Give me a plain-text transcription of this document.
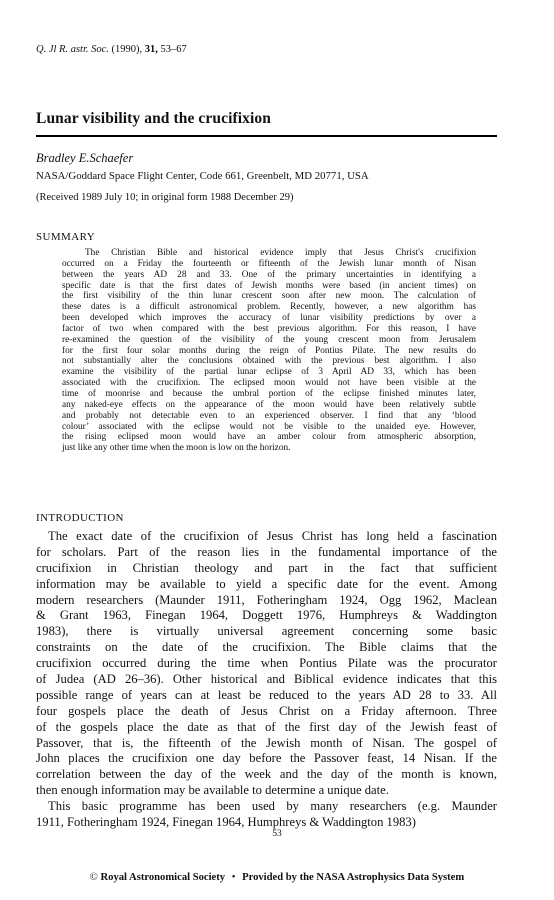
Q. Jl R. astr. Soc. (1990), 31, 53–67
Lunar visibility and the crucifixion
Bradley E.Schaefer
NASA/Goddard Space Flight Center, Code 661, Greenbelt, MD 20771, USA
(Received 1989 July 10; in original form 1988 December 29)
SUMMARY
The Christian Bible and historical evidence imply that Jesus Christ's crucifixion
occurred on a Friday the fourteenth or fifteenth of the Jewish lunar month of Nisan
between the years AD 28 and 33. One of the primary uncertainties in identifying a
specific date is that the first dates of Jewish months were based (in ancient times) on
the first visibility of the thin lunar crescent soon after new moon. The calculation of
these dates is a difficult astronomical problem. Recently, however, a new algorithm has
been developed which improves the accuracy of lunar visibility predictions by over a
factor of two when compared with the best previous algorithm. For this reason, I have
re-examined the question of the visibility of the young crescent moon from Jerusalem
for the first four solar months during the reign of Pontius Pilate. The new results do
not substantially alter the conclusions obtained with the previous best algorithm. I also
examine the visibility of the partial lunar eclipse of 3 April AD 33, which has been
associated with the crucifixion. The eclipsed moon would not have been visible at the
time of moonrise and because the umbral portion of the eclipse finished minutes later,
any naked-eye effects on the appearance of the moon would have been relatively subtle
and probably not detectable even to an experienced observer. I find that any ‘blood
colour’ associated with the eclipse would not be visible to the unaided eye. However,
the rising eclipsed moon would have an amber colour from atmospheric absorption,
just like any other time when the moon is low on the horizon.
INTRODUCTION
The exact date of the crucifixion of Jesus Christ has long held a fascination
for scholars. Part of the reason lies in the fundamental importance of the
crucifixion in Christian theology and part in the fact that sufficient
information may be available to yield a specific date for the event. Among
modern researchers (Maunder 1911, Fotheringham 1924, Ogg 1962, Maclean
& Grant 1963, Finegan 1964, Doggett 1976, Humphreys & Waddington
1983), there is virtually universal agreement concerning some basic
constraints on the date of the crucifixion. The Bible claims that the
crucifixion occurred during the time when Pontius Pilate was the procurator
of Judea (AD 26–36). Other historical and Biblical evidence indicates that this
possible range of years can at least be reduced to the years AD 28 to 33. All
four gospels place the death of Jesus Christ on a Friday afternoon. Three
of the gospels place the date as that of the first day of the Jewish feast of
Passover, that is, the fifteenth of the Jewish month of Nisan. The gospel of
John places the crucifixion one day before the Passover feast, 14 Nisan. If the
correlation between the day of the week and the day of the month is known,
then enough information may be available to determine a unique date.
This basic programme has been used by many researchers (e.g. Maunder
1911, Fotheringham 1924, Finegan 1964, Humphreys & Waddington 1983)
53
© Royal Astronomical Society • Provided by the NASA Astrophysics Data System
